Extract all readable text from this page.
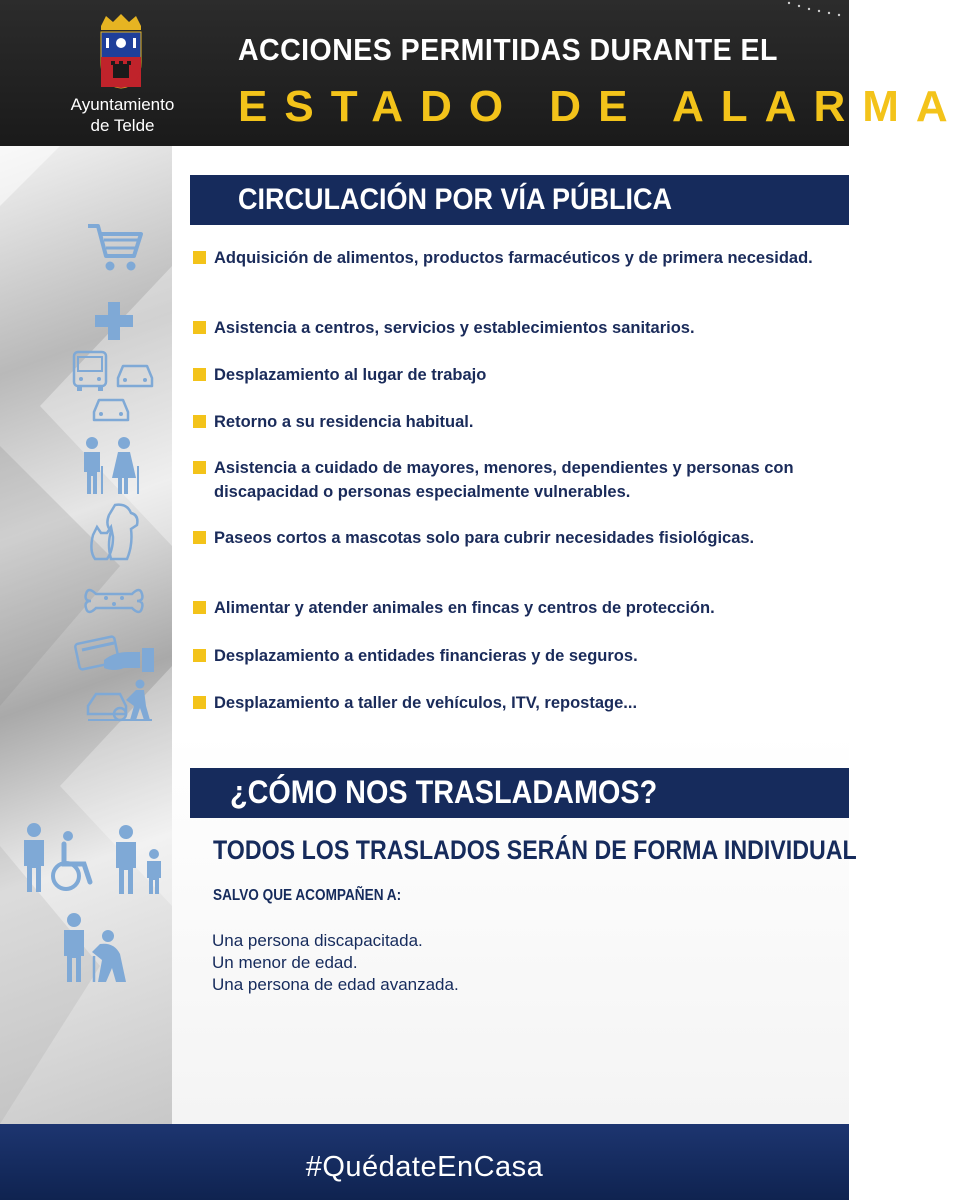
Ayuntamiento
de Telde
ACCIONES PERMITIDAS DURANTE EL
ESTADO DE ALARMA
CIRCULACIÓN POR VÍA PÚBLICA
Adquisición de alimentos, productos farmacéuticos y de primera necesidad.
Asistencia a centros, servicios y establecimientos sanitarios.
Desplazamiento al lugar de trabajo
Retorno a su residencia habitual.
Asistencia a cuidado de mayores, menores, dependientes y personas con discapacidad o personas especialmente vulnerables.
Paseos cortos a mascotas solo para cubrir necesidades fisiológicas.
Alimentar y atender animales en fincas y centros de protección.
Desplazamiento a entidades financieras y de seguros.
Desplazamiento a taller de vehículos, ITV, repostage...
¿CÓMO NOS TRASLADAMOS?
TODOS LOS TRASLADOS SERÁN DE FORMA INDIVIDUAL
SALVO QUE ACOMPAÑEN A:
Una persona discapacitada.
Un menor de edad.
Una persona de edad avanzada.
#QuédateEnCasa
